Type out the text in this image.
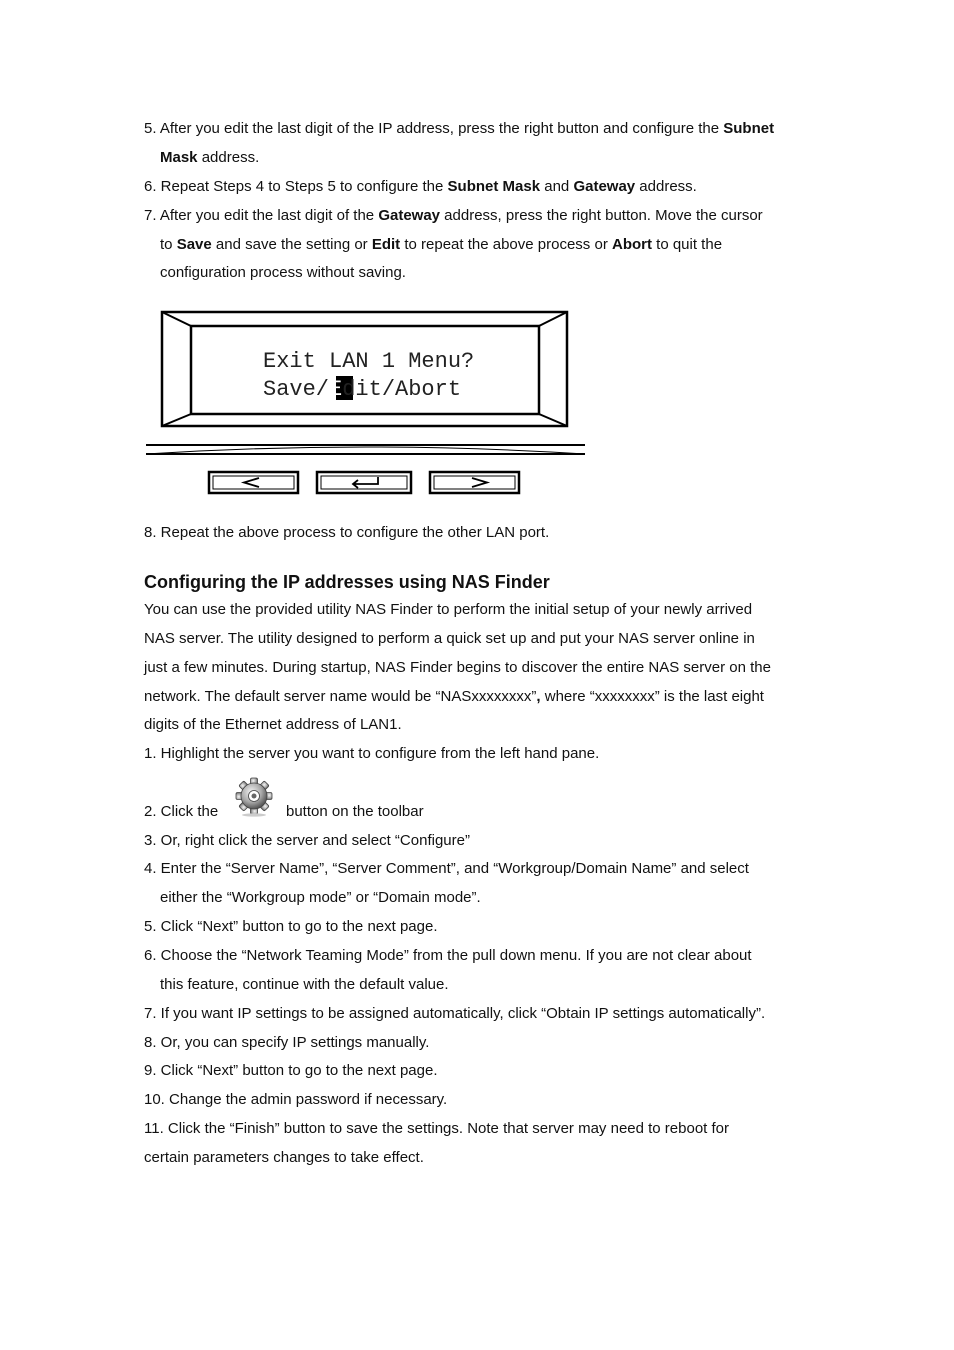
5. After you edit the last digit of the IP address, press the right button and configure the Subnet
Mask address.
6. Repeat Steps 4 to Steps 5 to configure the Subnet Mask and Gateway address.
7. After you edit the last digit of the Gateway address, press the right button. Move the cursor
to Save and save the setting or Edit to repeat the above process or Abort to quit the
configuration process without saving.
Exit LAN 1 Menu?
Save/Edit/Abort
8. Repeat the above process to configure the other LAN port.
Configuring the IP addresses using NAS Finder
You can use the provided utility NAS Finder to perform the initial setup of your newly arrived
NAS server. The utility designed to perform a quick set up and put your NAS server online in
just a few minutes. During startup, NAS Finder begins to discover the entire NAS server on the
network. The default server name would be “NASxxxxxxxx”, where “xxxxxxxx” is the last eight
digits of the Ethernet address of LAN1.
1. Highlight the server you want to configure from the left hand pane.
2. Click the	button on the toolbar
3. Or, right click the server and select “Configure”
4. Enter the “Server Name”, “Server Comment”, and “Workgroup/Domain Name” and select
either the “Workgroup mode” or “Domain mode”.
5. Click “Next” button to go to the next page.
6. Choose the “Network Teaming Mode” from the pull down menu. If you are not clear about
this feature, continue with the default value.
7. If you want IP settings to be assigned automatically, click “Obtain IP settings automatically”.
8. Or, you can specify IP settings manually.
9. Click “Next” button to go to the next page.
10. Change the admin password if necessary.
11. Click the “Finish” button to save the settings. Note that server may need to reboot for
certain parameters changes to take effect.
